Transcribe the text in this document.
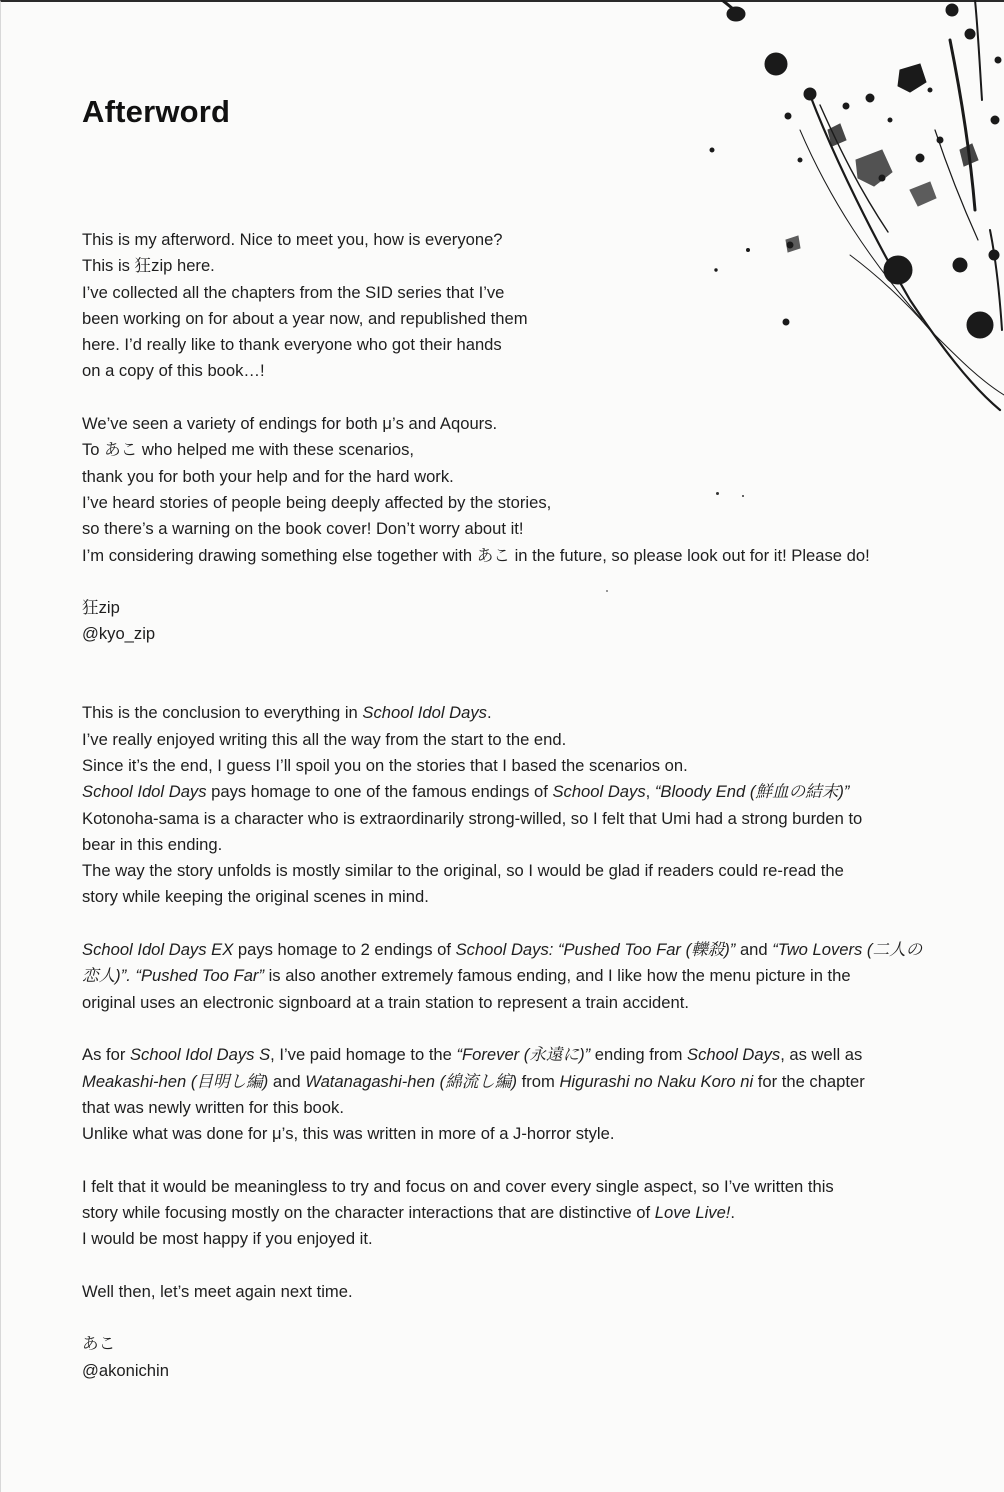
Afterword
This is my afterword. Nice to meet you, how is everyone?
This is 狂zip here.
I’ve collected all the chapters from the SID series that I’ve
been working on for about a year now, and republished them
here. I’d really like to thank everyone who got their hands
on a copy of this book…!
We’ve seen a variety of endings for both μ’s and Aqours.
To あこ who helped me with these scenarios,
thank you for both your help and for the hard work.
I’ve heard stories of people being deeply affected by the stories,
so there’s a warning on the book cover! Don’t worry about it!
I’m considering drawing something else together with あこ in the future, so please look out for it! Please do!
狂zip
@kyo_zip
This is the conclusion to everything in School Idol Days.
I’ve really enjoyed writing this all the way from the start to the end.
Since it’s the end, I guess I’ll spoil you on the stories that I based the scenarios on.
School Idol Days pays homage to one of the famous endings of School Days, “Bloody End (鮮血の結末)”
Kotonoha-sama is a character who is extraordinarily strong-willed, so I felt that Umi had a strong burden to
bear in this ending.
The way the story unfolds is mostly similar to the original, so I would be glad if readers could re-read the
story while keeping the original scenes in mind.
School Idol Days EX pays homage to 2 endings of School Days: “Pushed Too Far (轢殺)” and “Two Lovers (二人の
恋人)”. “Pushed Too Far” is also another extremely famous ending, and I like how the menu picture in the
original uses an electronic signboard at a train station to represent a train accident.
As for School Idol Days S, I’ve paid homage to the “Forever (永遠に)” ending from School Days, as well as
Meakashi-hen (目明し編) and Watanagashi-hen (綿流し編) from Higurashi no Naku Koro ni for the chapter
that was newly written for this book.
Unlike what was done for μ’s, this was written in more of a J-horror style.
I felt that it would be meaningless to try and focus on and cover every single aspect, so I’ve written this
story while focusing mostly on the character interactions that are distinctive of Love Live!.
I would be most happy if you enjoyed it.
Well then, let’s meet again next time.
あこ
@akonichin
